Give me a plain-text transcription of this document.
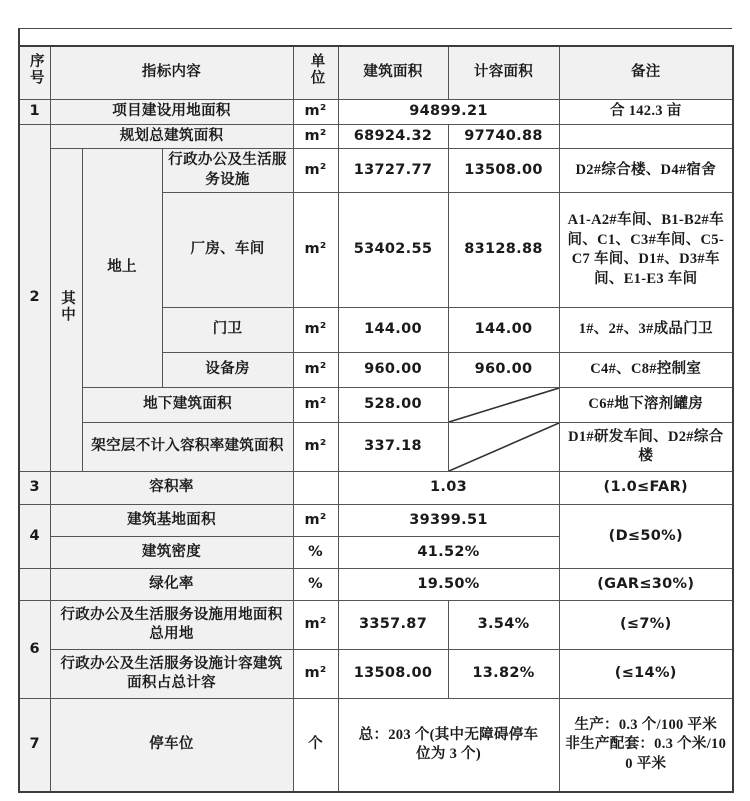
序号	指标内容			单位	建筑面积	计容面积	备注
1	项目建设用地面积			m²	94899.21		合 142.3 亩
2	规划总建筑面积			m²	68924.32	97740.88	
	其中	地上	行政办公及生活服务设施	m²	13727.77	13508.00	D2#综合楼、D4#宿舍
			厂房、车间	m²	53402.55	83128.88	A1-A2#车间、B1-B2#车间、C1、C3#车间、C5-C7 车间、D1#、D3#车间、E1-E3 车间
			门卫	m²	144.00	144.00	1#、2#、3#成品门卫
			设备房	m²	960.00	960.00	C4#、C8#控制室
		地下建筑面积		m²	528.00		C6#地下溶剂罐房
		架空层不计入容积率建筑面积		m²	337.18		D1#研发车间、D2#综合楼
3	容积率				1.03		(1.0≤FAR)
4	建筑基地面积			m²	39399.51		(D≤50%)
	建筑密度			%	41.52%		
	绿化率			%	19.50%		(GAR≤30%)
6	行政办公及生活服务设施用地面积总用地			m²	3357.87	3.54%	(≤7%)
	行政办公及生活服务设施计容建筑面积占总计容			m²	13508.00	13.82%	(≤14%)
7	停车位			个	总：203 个(其中无障碍停车位为 3 个)		生产：0.3 个/100 平米
非生产配套：0.3 个米/100 平米
